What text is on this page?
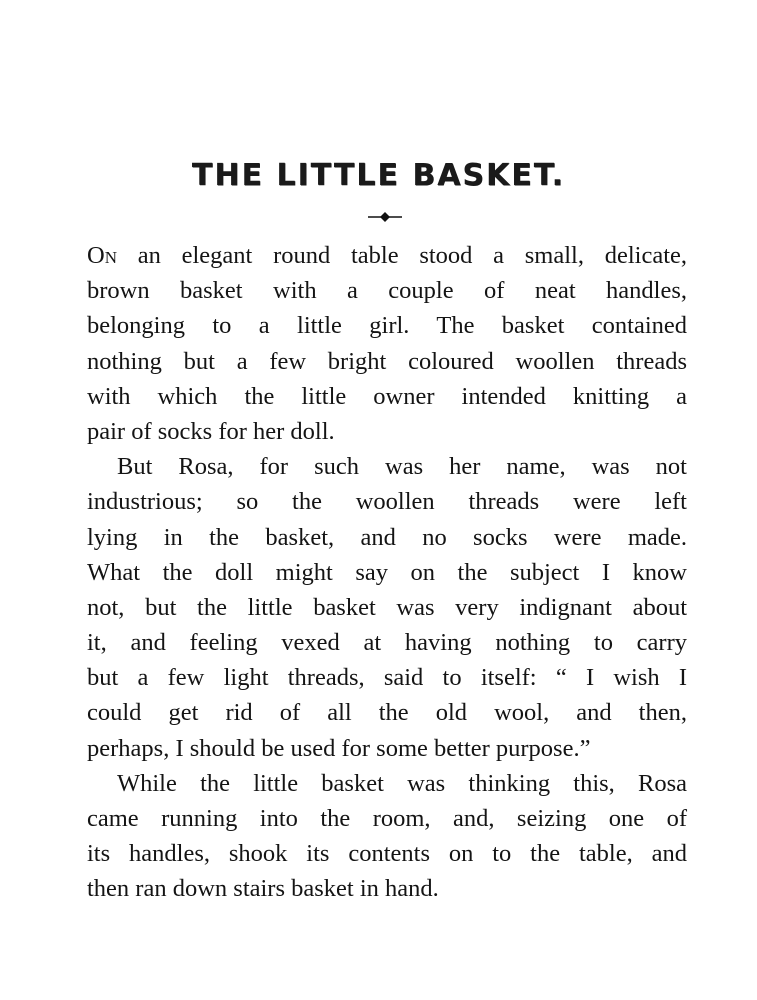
THE LITTLE BASKET.
On an elegant round table stood a small, delicate,
brown basket with a couple of neat handles,
belonging to a little girl. The basket contained
nothing but a few bright coloured woollen threads
with which the little owner intended knitting a
pair of socks for her doll.
But Rosa, for such was her name, was not
industrious; so the woollen threads were left
lying in the basket, and no socks were made.
What the doll might say on the subject I know
not, but the little basket was very indignant about
it, and feeling vexed at having nothing to carry
but a few light threads, said to itself: “ I wish I
could get rid of all the old wool, and then,
perhaps, I should be used for some better purpose.”
While the little basket was thinking this, Rosa
came running into the room, and, seizing one of
its handles, shook its contents on to the table, and
then ran down stairs basket in hand.
